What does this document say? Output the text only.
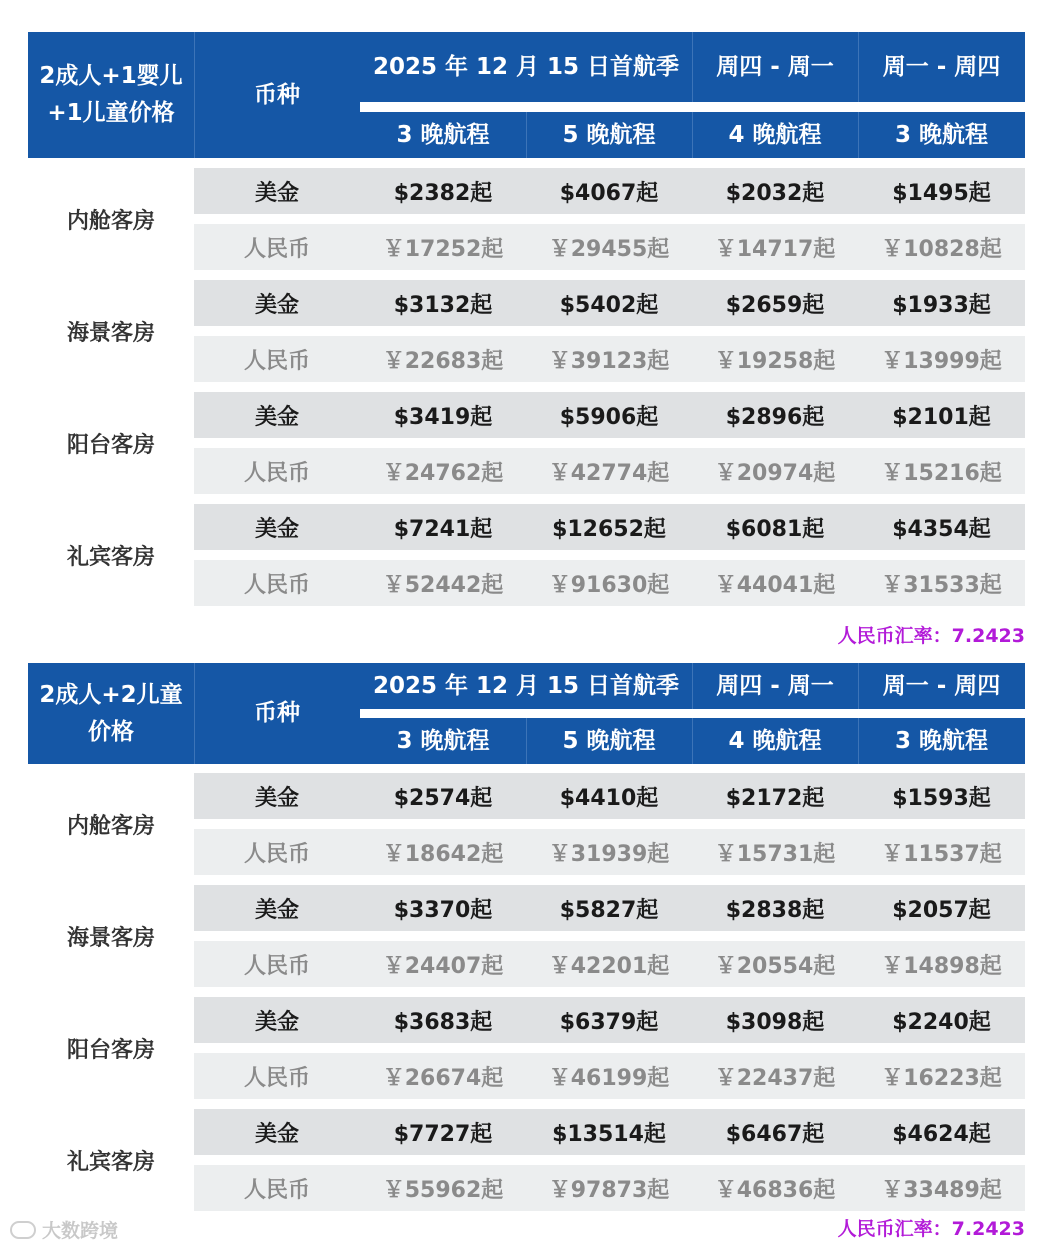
2成人+1婴儿
+1儿童价格
币种
2025 年 12 月 15 日首航季	周四 - 周一	周一 - 周四
3 晚航程	5 晚航程	4 晚航程	3 晚航程
内舱客房
美金	$2382起	$4067起	$2032起	$1495起
人民币	￥17252起	￥29455起	￥14717起	￥10828起
海景客房
美金	$3132起	$5402起	$2659起	$1933起
人民币	￥22683起	￥39123起	￥19258起	￥13999起
阳台客房
美金	$3419起	$5906起	$2896起	$2101起
人民币	￥24762起	￥42774起	￥20974起	￥15216起
礼宾客房
美金	$7241起	$12652起	$6081起	$4354起
人民币	￥52442起	￥91630起	￥44041起	￥31533起
人民币汇率：7.2423
2成人+2儿童
价格
币种
2025 年 12 月 15 日首航季	周四 - 周一	周一 - 周四
3 晚航程	5 晚航程	4 晚航程	3 晚航程
内舱客房
美金	$2574起	$4410起	$2172起	$1593起
人民币	￥18642起	￥31939起	￥15731起	￥11537起
海景客房
美金	$3370起	$5827起	$2838起	$2057起
人民币	￥24407起	￥42201起	￥20554起	￥14898起
阳台客房
美金	$3683起	$6379起	$3098起	$2240起
人民币	￥26674起	￥46199起	￥22437起	￥16223起
礼宾客房
美金	$7727起	$13514起	$6467起	$4624起
人民币	￥55962起	￥97873起	￥46836起	￥33489起
人民币汇率：7.2423
大数跨境
